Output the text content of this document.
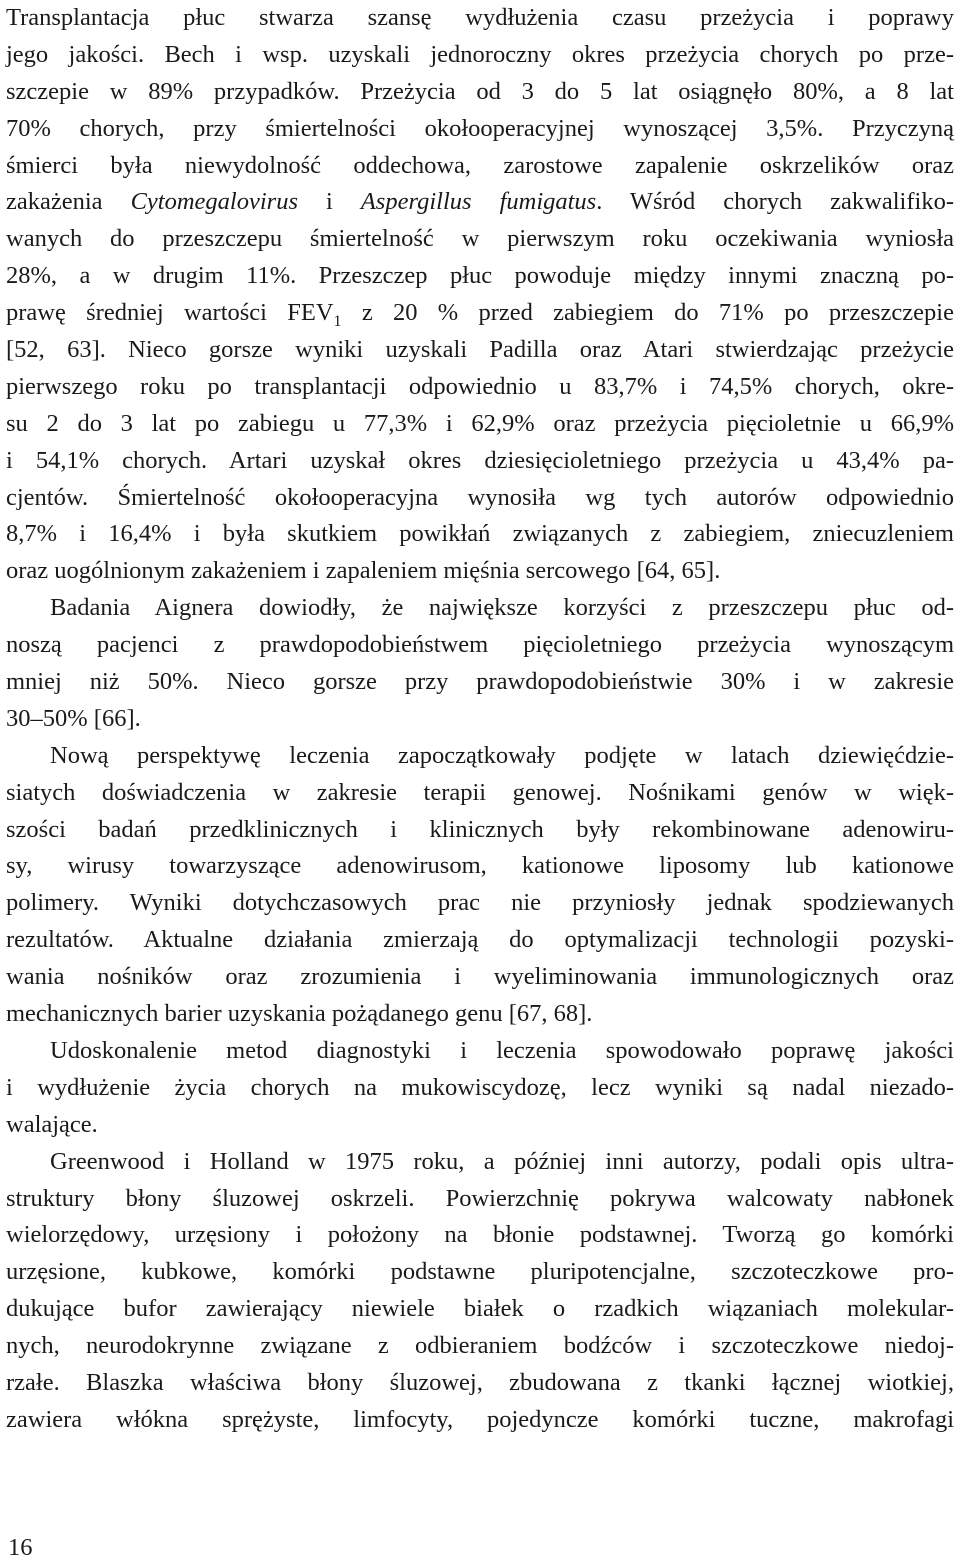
Transplantacja płuc stwarza szansę wydłużenia czasu przeżycia i poprawy
jego jakości. Bech i wsp. uzyskali jednoroczny okres przeżycia chorych po prze-
szczepie w 89% przypadków. Przeżycia od 3 do 5 lat osiągnęło 80%, a 8 lat
70% chorych, przy śmiertelności okołooperacyjnej wynoszącej 3,5%. Przyczyną
śmierci była niewydolność oddechowa, zarostowe zapalenie oskrzelików oraz
zakażenia Cytomegalovirus i Aspergillus fumigatus. Wśród chorych zakwalifiko-
wanych do przeszczepu śmiertelność w pierwszym roku oczekiwania wyniosła
28%, a w drugim 11%. Przeszczep płuc powoduje między innymi znaczną po-
prawę średniej wartości $FEV_1$ z 20 % przed zabiegiem do 71% po przeszczepie
[52, 63]. Nieco gorsze wyniki uzyskali Padilla oraz Atari stwierdzając przeżycie
pierwszego roku po transplantacji odpowiednio u 83,7% i 74,5% chorych, okre-
su 2 do 3 lat po zabiegu u 77,3% i 62,9% oraz przeżycia pięcioletnie u 66,9%
i 54,1% chorych. Artari uzyskał okres dziesięcioletniego przeżycia u 43,4% pa-
cjentów. Śmiertelność okołooperacyjna wynosiła wg tych autorów odpowiednio
8,7% i 16,4% i była skutkiem powikłań związanych z zabiegiem, zniecuzleniem
oraz uogólnionym zakażeniem i zapaleniem mięśnia sercowego [64, 65].
Badania Aignera dowiodły, że największe korzyści z przeszczepu płuc od-
noszą pacjenci z prawdopodobieństwem pięcioletniego przeżycia wynoszącym
mniej niż 50%. Nieco gorsze przy prawdopodobieństwie 30% i w zakresie
30–50% [66].
Nową perspektywę leczenia zapoczątkowały podjęte w latach dziewięćdzie-
siatych doświadczenia w zakresie terapii genowej. Nośnikami genów w więk-
szości badań przedklinicznych i klinicznych były rekombinowane adenowiru-
sy, wirusy towarzyszące adenowirusom, kationowe liposomy lub kationowe
polimery. Wyniki dotychczasowych prac nie przyniosły jednak spodziewanych
rezultatów. Aktualne działania zmierzają do optymalizacji technologii pozyski-
wania nośników oraz zrozumienia i wyeliminowania immunologicznych oraz
mechanicznych barier uzyskania pożądanego genu [67, 68].
Udoskonalenie metod diagnostyki i leczenia spowodowało poprawę jakości
i wydłużenie życia chorych na mukowiscydozę, lecz wyniki są nadal niezado-
walające.
Greenwood i Holland w 1975 roku, a później inni autorzy, podali opis ultra-
struktury błony śluzowej oskrzeli. Powierzchnię pokrywa walcowaty nabłonek
wielorzędowy, urzęsiony i położony na błonie podstawnej. Tworzą go komórki
urzęsione, kubkowe, komórki podstawne pluripotencjalne, szczoteczkowe pro-
dukujące bufor zawierający niewiele białek o rzadkich wiązaniach molekular-
nych, neurodokrynne związane z odbieraniem bodźców i szczoteczkowe niedoj-
rzałe. Blaszka właściwa błony śluzowej, zbudowana z tkanki łącznej wiotkiej,
zawiera włókna sprężyste, limfocyty, pojedyncze komórki tuczne, makrofagi
16
